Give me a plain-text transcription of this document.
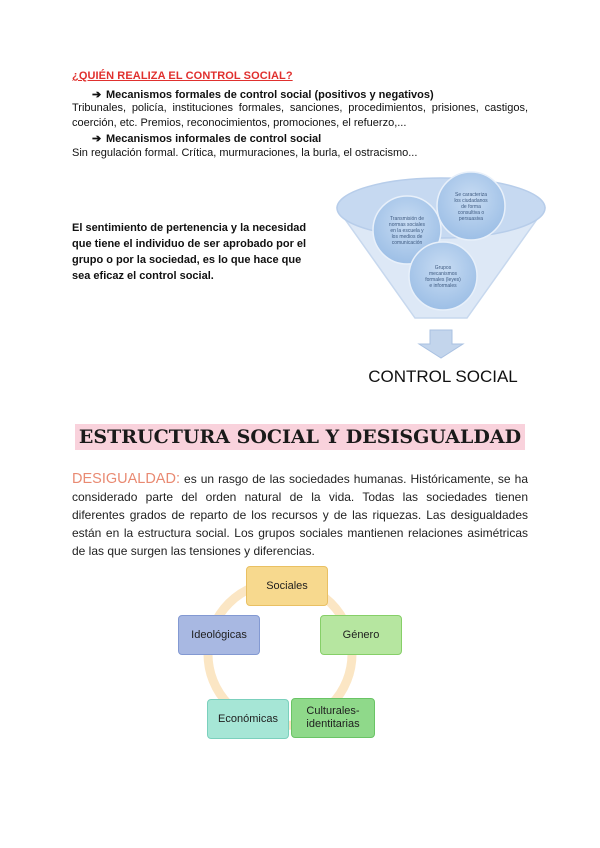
¿QUIÉN REALIZA EL CONTROL SOCIAL?
➔ Mecanismos formales de control social (positivos y negativos)
Tribunales, policía, instituciones formales, sanciones, procedimientos, prisiones, castigos, coerción, etc. Premios, reconocimientos, promociones, el refuerzo,...
➔ Mecanismos informales de control social
Sin regulación formal. Crítica, murmuraciones, la burla, el ostracismo...
El sentimiento de pertenencia y la necesidad que tiene el individuo de ser aprobado por el grupo o por la sociedad, es lo que hace que sea eficaz el control social.
Transmisión de
normas sociales
en la escuela y
los medios de
comunicación
Se caracteriza
los ciudadanos
de forma
consultiva o
persuasiva
Grupos
mecanismos
formales (leyes)
e informales
CONTROL SOCIAL
ESTRUCTURA SOCIAL Y DESISGUALDAD
DESIGUALDAD: es un rasgo de las sociedades humanas. Históricamente, se ha considerado parte del orden natural de la vida. Todas las sociedades tienen diferentes grados de reparto de los recursos y de las riquezas. Las desigualdades están en la estructura social. Los grupos sociales mantienen relaciones asimétricas de las que surgen las tensiones y diferencias.
Sociales
Género
Culturales-identitarias
Económicas
Ideológicas
